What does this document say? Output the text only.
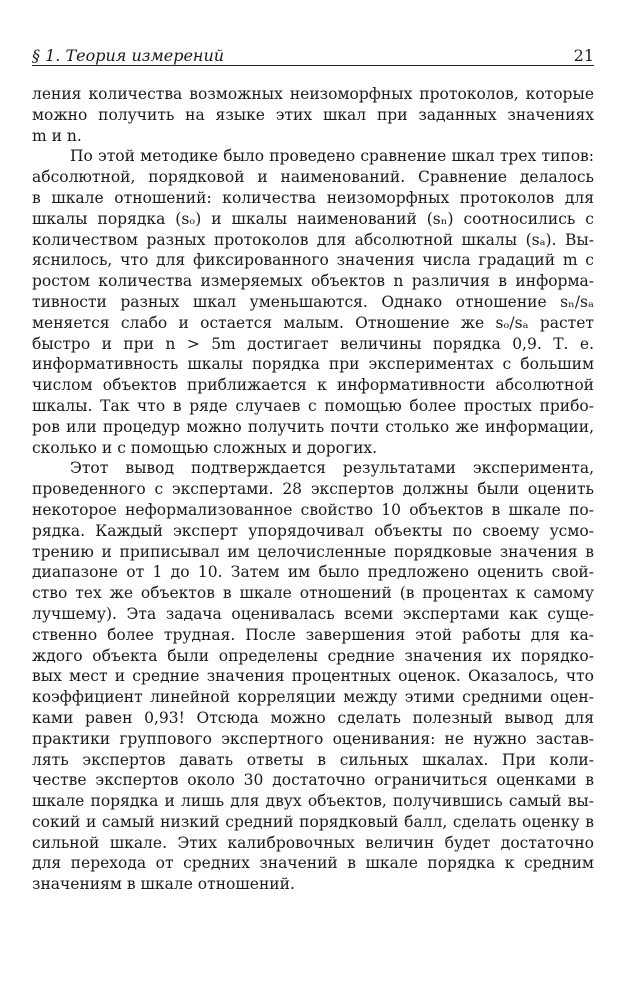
§ 1. Теория измерений	21
ления количества возможных неизоморфных протоколов, которые
можно получить на языке этих шкал при заданных значениях
m и n.
По этой методике было проведено сравнение шкал трех типов:
абсолютной, порядковой и наименований. Сравнение делалось
в шкале отношений: количества неизоморфных протоколов для
шкалы порядка (sₒ) и шкалы наименований (sₙ) соотносились с
количеством разных протоколов для абсолютной шкалы (sₐ). Вы-
яснилось, что для фиксированного значения числа градаций m с
ростом количества измеряемых объектов n различия в информа-
тивности разных шкал уменьшаются. Однако отношение sₙ/sₐ
меняется слабо и остается малым. Отношение же sₒ/sₐ растет
быстро и при n > 5m достигает величины порядка 0,9. Т. е.
информативность шкалы порядка при экспериментах с большим
числом объектов приближается к информативности абсолютной
шкалы. Так что в ряде случаев с помощью более простых прибо-
ров или процедур можно получить почти столько же информации,
сколько и с помощью сложных и дорогих.
Этот вывод подтверждается результатами эксперимента,
проведенного с экспертами. 28 экспертов должны были оценить
некоторое неформализованное свойство 10 объектов в шкале по-
рядка. Каждый эксперт упорядочивал объекты по своему усмо-
трению и приписывал им целочисленные порядковые значения в
диапазоне от 1 до 10. Затем им было предложено оценить свой-
ство тех же объектов в шкале отношений (в процентах к самому
лучшему). Эта задача оценивалась всеми экспертами как суще-
ственно более трудная. После завершения этой работы для ка-
ждого объекта были определены средние значения их порядко-
вых мест и средние значения процентных оценок. Оказалось, что
коэффициент линейной корреляции между этими средними оцен-
ками равен 0,93! Отсюда можно сделать полезный вывод для
практики группового экспертного оценивания: не нужно застав-
лять экспертов давать ответы в сильных шкалах. При коли-
честве экспертов около 30 достаточно ограничиться оценками в
шкале порядка и лишь для двух объектов, получившись самый вы-
сокий и самый низкий средний порядковый балл, сделать оценку в
сильной шкале. Этих калибровочных величин будет достаточно
для перехода от средних значений в шкале порядка к средним
значениям в шкале отношений.
